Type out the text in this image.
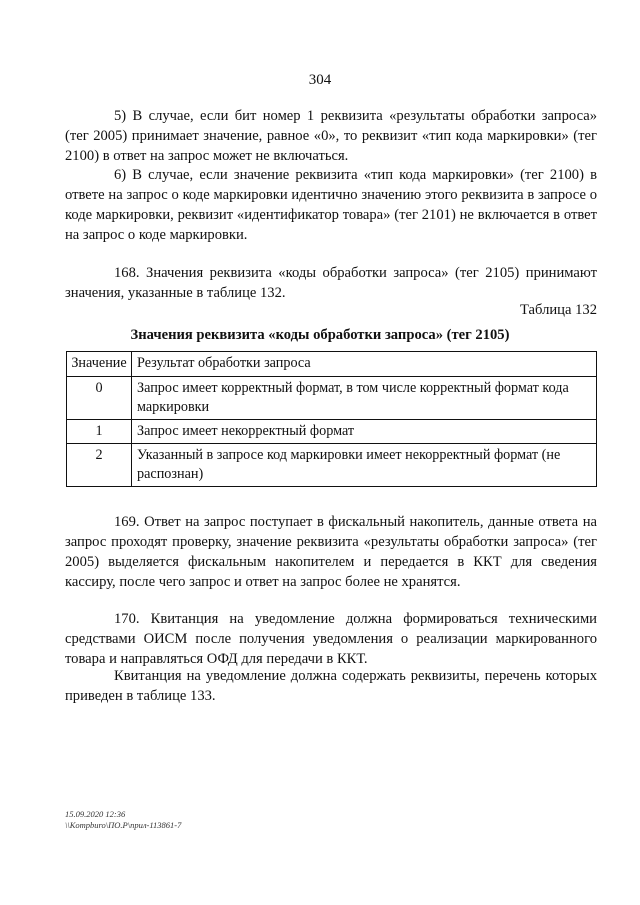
304

5) В случае, если бит номер 1 реквизита «результаты обработки запроса» (тег 2005) принимает значение, равное «0», то реквизит «тип кода маркировки» (тег 2100) в ответ на запрос может не включаться.

6) В случае, если значение реквизита «тип кода маркировки» (тег 2100) в ответе на запрос о коде маркировки идентично значению этого реквизита в запросе о коде маркировки, реквизит «идентификатор товара» (тег 2101) не включается в ответ на запрос о коде маркировки.

168. Значения реквизита «коды обработки запроса» (тег 2105) принимают значения, указанные в таблице 132.

Таблица 132
Значения реквизита «коды обработки запроса» (тег 2105)
Значение	Результат обработки запроса
0	Запрос имеет корректный формат, в том числе корректный формат кода маркировки
1	Запрос имеет некорректный формат
2	Указанный в запросе код маркировки имеет некорректный формат (не распознан)

169. Ответ на запрос поступает в фискальный накопитель, данные ответа на запрос проходят проверку, значение реквизита «результаты обработки запроса» (тег 2005) выделяется фискальным накопителем и передается в ККТ для сведения кассиру, после чего запрос и ответ на запрос более не хранятся.

170. Квитанция на уведомление должна формироваться техническими средствами ОИСМ после получения уведомления о реализации маркированного товара и направляться ОФД для передачи в ККТ.

Квитанция на уведомление должна содержать реквизиты, перечень которых приведен в таблице 133.

15.09.2020 12:36
\\Kompburo\ПО.P\прил-113861-7
